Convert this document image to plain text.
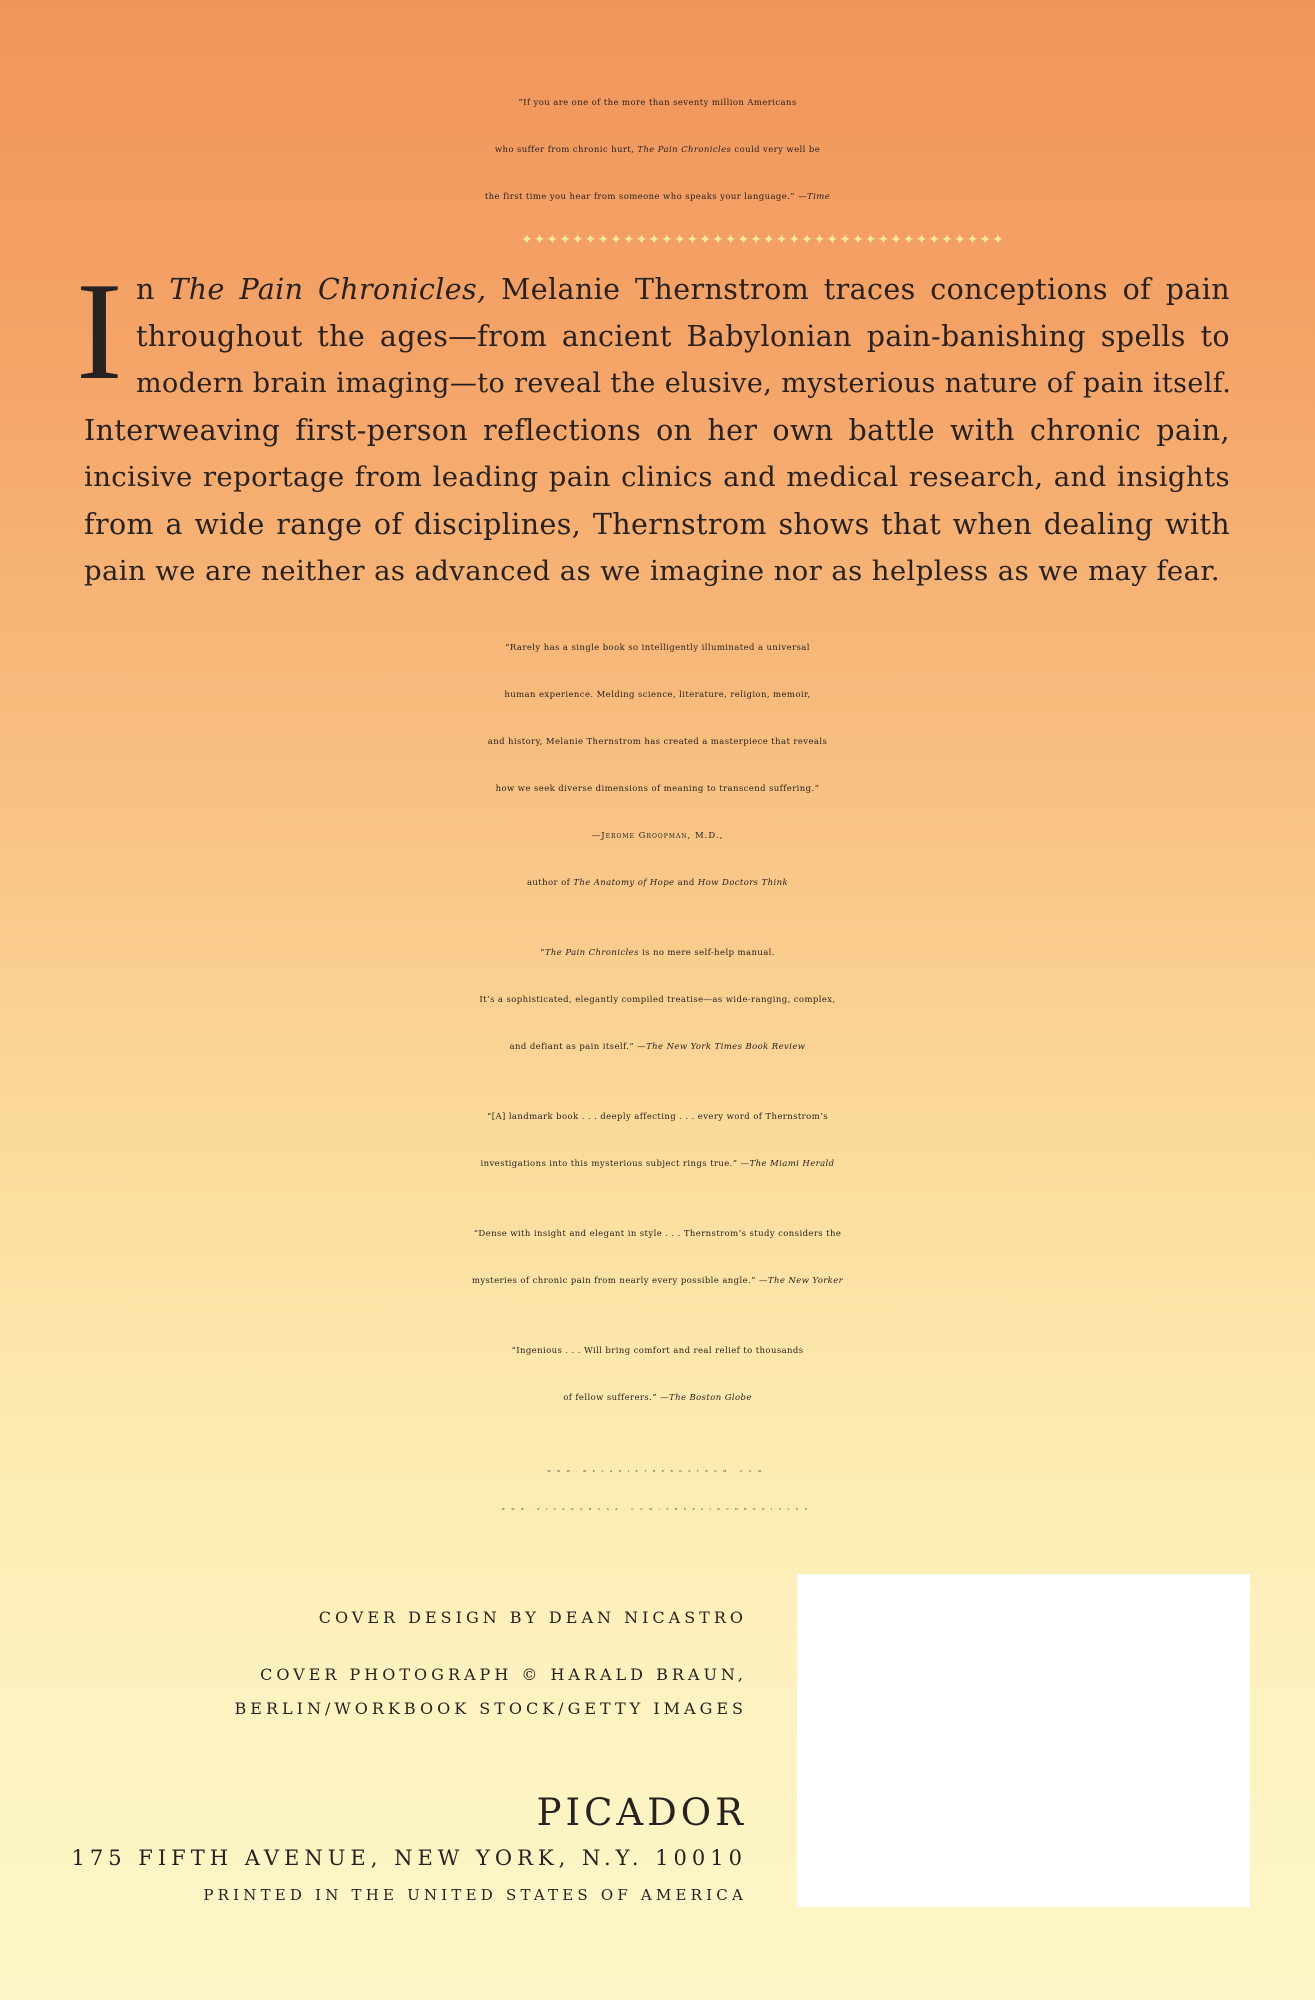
“If you are one of the more than seventy million Americans
who suffer from chronic hurt, The Pain Chronicles could very well be
the first time you hear from someone who speaks your language.” —Time
✦✦✦✦✦✦✦✦✦✦✦✦✦✦✦✦✦✦✦✦✦✦✦✦✦✦✦✦✦✦✦✦✦✦✦✦✦✦
I n The Pain Chronicles, Melanie Thernstrom traces conceptions of pain
throughout the ages—from ancient Babylonian pain-banishing spells to
modern brain imaging—to reveal the elusive, mysterious nature of pain itself.
Interweaving first-person reflections on her own battle with chronic pain,
incisive reportage from leading pain clinics and medical research, and insights
from a wide range of disciplines, Thernstrom shows that when dealing with
pain we are neither as advanced as we imagine nor as helpless as we may fear.
“Rarely has a single book so intelligently illuminated a universal
human experience. Melding science, literature, religion, memoir,
and history, Melanie Thernstrom has created a masterpiece that reveals
how we seek diverse dimensions of meaning to transcend suffering.”
—Jerome Groopman, M.D.,
author of The Anatomy of Hope and How Doctors Think
“The Pain Chronicles is no mere self-help manual.
It’s a sophisticated, elegantly compiled treatise—as wide-ranging, complex,
and defiant as pain itself.” —The New York Times Book Review
“[A] landmark book . . . deeply affecting . . . every word of Thernstrom’s
investigations into this mysterious subject rings true.” —The Miami Herald
“Dense with insight and elegant in style . . . Thernstrom’s study considers the
mysteries of chronic pain from nearly every possible angle.” —The New Yorker
“Ingenious . . . Will bring comfort and real relief to thousands
of fellow sufferers.” —The Boston Globe
WWW.MELANIETHERNSTROM.COM
WWW.PICADORUSA.COM/THEPAINCHRONICLES
COVER DESIGN BY DEAN NICASTRO
COVER PHOTOGRAPH © HARALD BRAUN,
BERLIN/WORKBOOK STOCK/GETTY IMAGES
PICADOR
175 FIFTH AVENUE, NEW YORK, N.Y. 10010
PRINTED IN THE UNITED STATES OF AMERICA
